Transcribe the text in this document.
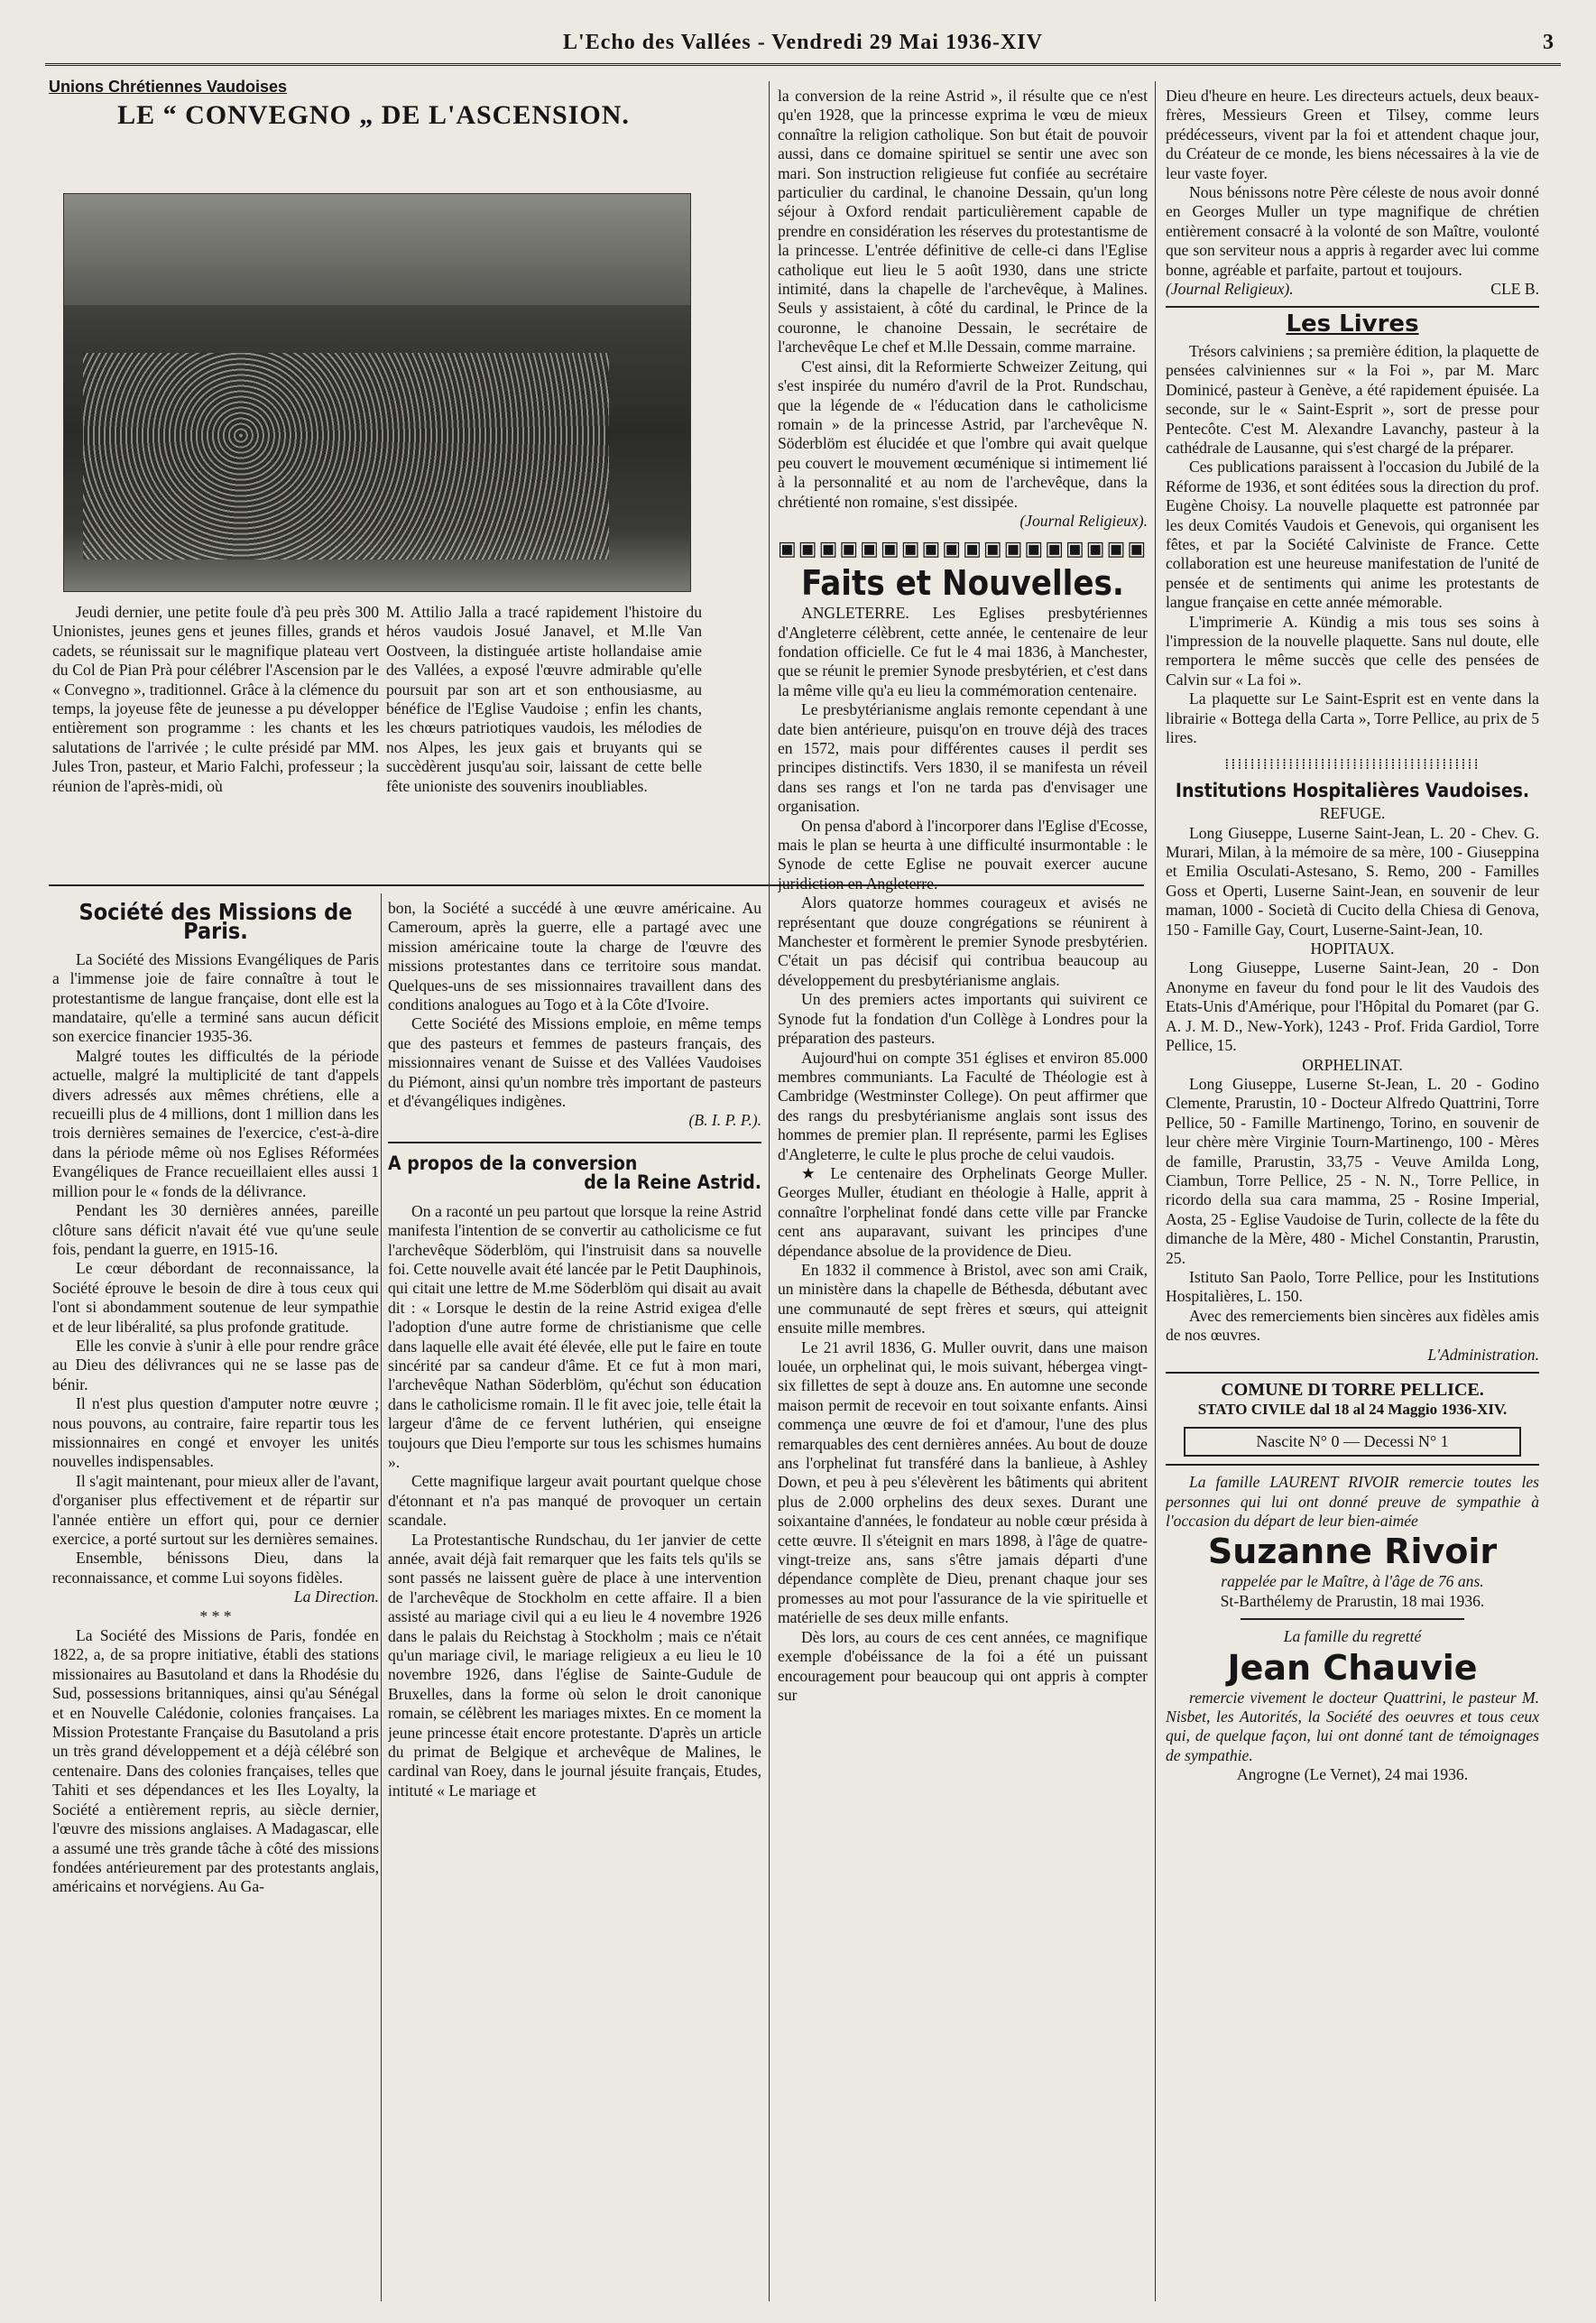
L'Echo des Vallées - Vendredi 29 Mai 1936-XIV	3
Unions Chrétiennes Vaudoises
LE “ CONVEGNO „ DE L'ASCENSION.

Jeudi dernier, une petite foule d'à peu près 300 Unionistes, jeunes gens et jeunes filles, grands et cadets, se réunissait sur le magnifique plateau vert du Col de Pian Prà pour célébrer l'Ascension par le « Convegno », traditionnel. Grâce à la clémence du temps, la joyeuse fête de jeunesse a pu développer entièrement son programme : les chants et les salutations de l'arrivée ; le culte présidé par MM. Jules Tron, pasteur, et Mario Falchi, professeur ; la réunion de l'après-midi, où

M. Attilio Jalla a tracé rapidement l'histoire du héros vaudois Josué Janavel, et M.lle Van Oostveen, la distinguée artiste hollandaise amie des Vallées, a exposé l'œuvre admirable qu'elle poursuit par son art et son enthousiasme, au bénéfice de l'Eglise Vaudoise ; enfin les chants, les chœurs patriotiques vaudois, les mélodies de nos Alpes, les jeux gais et bruyants qui se succèdèrent jusqu'au soir, laissant de cette belle fête unioniste des souvenirs inoubliables.

Société des Missions de Paris.

La Société des Missions Evangéliques de Paris a l'immense joie de faire connaître à tout le protestantisme de langue française, dont elle est la mandataire, qu'elle a terminé sans aucun déficit son exercice financier 1935-36.

Malgré toutes les difficultés de la période actuelle, malgré la multiplicité de tant d'appels divers adressés aux mêmes chrétiens, elle a recueilli plus de 4 millions, dont 1 million dans les trois dernières semaines de l'exercice, c'est-à-dire dans la période même où nos Eglises Réformées Evangéliques de France recueillaient elles aussi 1 million pour le « fonds de la délivrance.

Pendant les 30 dernières années, pareille clôture sans déficit n'avait été vue qu'une seule fois, pendant la guerre, en 1915-16.

Le cœur débordant de reconnaissance, la Société éprouve le besoin de dire à tous ceux qui l'ont si abondamment soutenue de leur sympathie et de leur libéralité, sa plus profonde gratitude.

Elle les convie à s'unir à elle pour rendre grâce au Dieu des délivrances qui ne se lasse pas de bénir.

Il n'est plus question d'amputer notre œuvre ; nous pouvons, au contraire, faire repartir tous les missionnaires en congé et envoyer les unités nouvelles indispensables.

Il s'agit maintenant, pour mieux aller de l'avant, d'organiser plus effectivement et de répartir sur l'année entière un effort qui, pour ce dernier exercice, a porté surtout sur les dernières semaines.

Ensemble, bénissons Dieu, dans la reconnaissance, et comme Lui soyons fidèles.

La Direction.
* * *

La Société des Missions de Paris, fondée en 1822, a, de sa propre initiative, établi des stations missionaires au Basutoland et dans la Rhodésie du Sud, possessions britanniques, ainsi qu'au Sénégal et en Nouvelle Calédonie, colonies françaises. La Mission Protestante Française du Basutoland a pris un très grand développement et a déjà célébré son centenaire. Dans des colonies françaises, telles que Tahiti et ses dépendances et les Iles Loyalty, la Société a entièrement repris, au siècle dernier, l'œuvre des missions anglaises. A Madagascar, elle a assumé une très grande tâche à côté des missions fondées antérieurement par des protestants anglais, américains et norvégiens. Au Ga-

bon, la Société a succédé à une œuvre américaine. Au Cameroum, après la guerre, elle a partagé avec une mission américaine toute la charge de l'œuvre des missions protestantes dans ce territoire sous mandat. Quelques-uns de ses missionnaires travaillent dans des conditions analogues au Togo et à la Côte d'Ivoire.

Cette Société des Missions emploie, en même temps que des pasteurs et femmes de pasteurs français, des missionnaires venant de Suisse et des Vallées Vaudoises du Piémont, ainsi qu'un nombre très important de pasteurs et d'évangéliques indigènes.

(B. I. P. P.).
A propos de la conversion
de la Reine Astrid.

On a raconté un peu partout que lorsque la reine Astrid manifesta l'intention de se convertir au catholicisme ce fut l'archevêque Söderblöm, qui l'instruisit dans sa nouvelle foi. Cette nouvelle avait été lancée par le Petit Dauphinois, qui citait une lettre de M.me Söderblöm qui disait au avait dit : « Lorsque le destin de la reine Astrid exigea d'elle l'adoption d'une autre forme de christianisme que celle dans laquelle elle avait été élevée, elle put le faire en toute sincérité par sa candeur d'âme. Et ce fut à mon mari, l'archevêque Nathan Söderblöm, qu'échut son éducation dans le catholicisme romain. Il le fit avec joie, telle était la largeur d'âme de ce fervent luthérien, qui enseigne toujours que Dieu l'emporte sur tous les schismes humains ».

Cette magnifique largeur avait pourtant quelque chose d'étonnant et n'a pas manqué de provoquer un certain scandale.

La Protestantische Rundschau, du 1er janvier de cette année, avait déjà fait remarquer que les faits tels qu'ils se sont passés ne laissent guère de place à une intervention de l'archevêque de Stockholm en cette affaire. Il a bien assisté au mariage civil qui a eu lieu le 4 novembre 1926 dans le palais du Reichstag à Stockholm ; mais ce n'était qu'un mariage civil, le mariage religieux a eu lieu le 10 novembre 1926, dans l'église de Sainte-Gudule de Bruxelles, dans la forme où selon le droit canonique romain, se célèbrent les mariages mixtes. En ce moment la jeune princesse était encore protestante. D'après un article du primat de Belgique et archevêque de Malines, le cardinal van Roey, dans le journal jésuite français, Etudes, intituté « Le mariage et

la conversion de la reine Astrid », il résulte que ce n'est qu'en 1928, que la princesse exprima le vœu de mieux connaître la religion catholique. Son but était de pouvoir aussi, dans ce domaine spirituel se sentir une avec son mari. Son instruction religieuse fut confiée au secrétaire particulier du cardinal, le chanoine Dessain, qu'un long séjour à Oxford rendait particulièrement capable de prendre en considération les réserves du protestantisme de la princesse. L'entrée définitive de celle-ci dans l'Eglise catholique eut lieu le 5 août 1930, dans une stricte intimité, dans la chapelle de l'archevêque, à Malines. Seuls y assistaient, à côté du cardinal, le Prince de la couronne, le chanoine Dessain, le secrétaire de l'archevêque Le chef et M.lle Dessain, comme marraine.

C'est ainsi, dit la Reformierte Schweizer Zeitung, qui s'est inspirée du numéro d'avril de la Prot. Rundschau, que la légende de « l'éducation dans le catholicisme romain » de la princesse Astrid, par l'archevêque N. Söderblöm est élucidée et que l'ombre qui avait quelque peu couvert le mouvement œcuménique si intimement lié à la personnalité et au nom de l'archevêque, dans la chrétienté non romaine, s'est dissipée.

(Journal Religieux).
▣▣▣▣▣▣▣▣▣▣▣▣▣▣▣▣▣▣
Faits et Nouvelles.

ANGLETERRE. Les Eglises presbytériennes d'Angleterre célèbrent, cette année, le centenaire de leur fondation officielle. Ce fut le 4 mai 1836, à Manchester, que se réunit le premier Synode presbytérien, et c'est dans la même ville qu'a eu lieu la commémoration centenaire.

Le presbytérianisme anglais remonte cependant à une date bien antérieure, puisqu'on en trouve déjà des traces en 1572, mais pour différentes causes il perdit ses principes distinctifs. Vers 1830, il se manifesta un réveil dans ses rangs et l'on ne tarda pas d'envisager une organisation.

On pensa d'abord à l'incorporer dans l'Eglise d'Ecosse, mais le plan se heurta à une difficulté insurmontable : le Synode de cette Eglise ne pouvait exercer aucune juridiction en Angleterre.

Alors quatorze hommes courageux et avisés ne représentant que douze congrégations se réunirent à Manchester et formèrent le premier Synode presbytérien. C'était un pas décisif qui contribua beaucoup au développement du presbytérianisme anglais.

Un des premiers actes importants qui suivirent ce Synode fut la fondation d'un Collège à Londres pour la préparation des pasteurs.

Aujourd'hui on compte 351 églises et environ 85.000 membres communiants. La Faculté de Théologie est à Cambridge (Westminster College). On peut affirmer que des rangs du presbytérianisme anglais sont issus des hommes de premier plan. Il représente, parmi les Eglises d'Angleterre, le culte le plus proche de celui vaudois.

★ Le centenaire des Orphelinats George Muller. Georges Muller, étudiant en théologie à Halle, apprit à connaître l'orphelinat fondé dans cette ville par Francke cent ans auparavant, suivant les principes d'une dépendance absolue de la providence de Dieu.

En 1832 il commence à Bristol, avec son ami Craik, un ministère dans la chapelle de Béthesda, débutant avec une communauté de sept frères et sœurs, qui atteignit ensuite mille membres.

Le 21 avril 1836, G. Muller ouvrit, dans une maison louée, un orphelinat qui, le mois suivant, hébergea vingt-six fillettes de sept à douze ans. En automne une seconde maison permit de recevoir en tout soixante enfants. Ainsi commença une œuvre de foi et d'amour, l'une des plus remarquables des cent dernières années. Au bout de douze ans l'orphelinat fut transféré dans la banlieue, à Ashley Down, et peu à peu s'élevèrent les bâtiments qui abritent plus de 2.000 orphelins des deux sexes. Durant une soixantaine d'années, le fondateur au noble cœur présida à cette œuvre. Il s'éteignit en mars 1898, à l'âge de quatre-vingt-treize ans, sans s'être jamais départi d'une dépendance complète de Dieu, prenant chaque jour ses promesses au mot pour l'assurance de la vie spirituelle et matérielle de ses deux mille enfants.

Dès lors, au cours de ces cent années, ce magnifique exemple d'obéissance de la foi a été un puissant encouragement pour beaucoup qui ont appris à compter sur

Dieu d'heure en heure. Les directeurs actuels, deux beaux-frères, Messieurs Green et Tilsey, comme leurs prédécesseurs, vivent par la foi et attendent chaque jour, du Créateur de ce monde, les biens nécessaires à la vie de leur vaste foyer.

Nous bénissons notre Père céleste de nous avoir donné en Georges Muller un type magnifique de chrétien entièrement consacré à la volonté de son Maître, voulonté que son serviteur nous a appris à regarder avec lui comme bonne, agréable et parfaite, partout et toujours.

(Journal Religieux).	CLE B.
Les Livres

Trésors calviniens ; sa première édition, la plaquette de pensées calviniennes sur « la Foi », par M. Marc Dominicé, pasteur à Genève, a été rapidement épuisée. La seconde, sur le « Saint-Esprit », sort de presse pour Pentecôte. C'est M. Alexandre Lavanchy, pasteur à la cathédrale de Lausanne, qui s'est chargé de la préparer.

Ces publications paraissent à l'occasion du Jubilé de la Réforme de 1936, et sont éditées sous la direction du prof. Eugène Choisy. La nouvelle plaquette est patronnée par les deux Comités Vaudois et Genevois, qui organisent les fêtes, et par la Société Calviniste de France. Cette collaboration est une heureuse manifestation de l'unité de pensée et de sentiments qui anime les protestants de langue française en cette année mémorable.

L'imprimerie A. Kündig a mis tous ses soins à l'impression de la nouvelle plaquette. Sans nul doute, elle remportera le même succès que celle des pensées de Calvin sur « La foi ».

La plaquette sur Le Saint-Esprit est en vente dans la librairie « Bottega della Carta », Torre Pellice, au prix de 5 lires.

⁞⁞⁞⁞⁞⁞⁞⁞⁞⁞⁞⁞⁞⁞⁞⁞⁞⁞⁞⁞⁞⁞⁞⁞⁞⁞⁞⁞⁞⁞⁞⁞⁞⁞⁞⁞⁞⁞⁞⁞
Institutions Hospitalières Vaudoises.
REFUGE.

Long Giuseppe, Luserne Saint-Jean, L. 20 - Chev. G. Murari, Milan, à la mémoire de sa mère, 100 - Giuseppina et Emilia Osculati-Astesano, S. Remo, 200 - Familles Goss et Operti, Luserne Saint-Jean, en souvenir de leur maman, 1000 - Società di Cucito della Chiesa di Genova, 150 - Famille Gay, Court, Luserne-Saint-Jean, 10.

HOPITAUX.

Long Giuseppe, Luserne Saint-Jean, 20 - Don Anonyme en faveur du fond pour le lit des Vaudois des Etats-Unis d'Amérique, pour l'Hôpital du Pomaret (par G. A. J. M. D., New-York), 1243 - Prof. Frida Gardiol, Torre Pellice, 15.

ORPHELINAT.

Long Giuseppe, Luserne St-Jean, L. 20 - Godino Clemente, Prarustin, 10 - Docteur Alfredo Quattrini, Torre Pellice, 50 - Famille Martinengo, Torino, en souvenir de leur chère mère Virginie Tourn-Martinengo, 100 - Mères de famille, Prarustin, 33,75 - Veuve Amilda Long, Ciambun, Torre Pellice, 25 - N. N., Torre Pellice, in ricordo della sua cara mamma, 25 - Rosine Imperial, Aosta, 25 - Eglise Vaudoise de Turin, collecte de la fête du dimanche de la Mère, 480 - Michel Constantin, Prarustin, 25.

Istituto San Paolo, Torre Pellice, pour les Institutions Hospitalières, L. 150.

Avec des remerciements bien sincères aux fidèles amis de nos œuvres.

L'Administration.
COMUNE DI TORRE PELLICE.
STATO CIVILE dal 18 al 24 Maggio 1936-XIV.
Nascite N° 0 — Decessi N° 1

La famille LAURENT RIVOIR remercie toutes les personnes qui lui ont donné preuve de sympathie à l'occasion du départ de leur bien-aimée

Suzanne Rivoir
rappelée par le Maître, à l'âge de 76 ans.
St-Barthélemy de Prarustin, 18 mai 1936.
La famille du regretté
Jean Chauvie

remercie vivement le docteur Quattrini, le pasteur M. Nisbet, les Autorités, la Société des oeuvres et tous ceux qui, de quelque façon, lui ont donné tant de témoignages de sympathie.

Angrogne (Le Vernet), 24 mai 1936.
